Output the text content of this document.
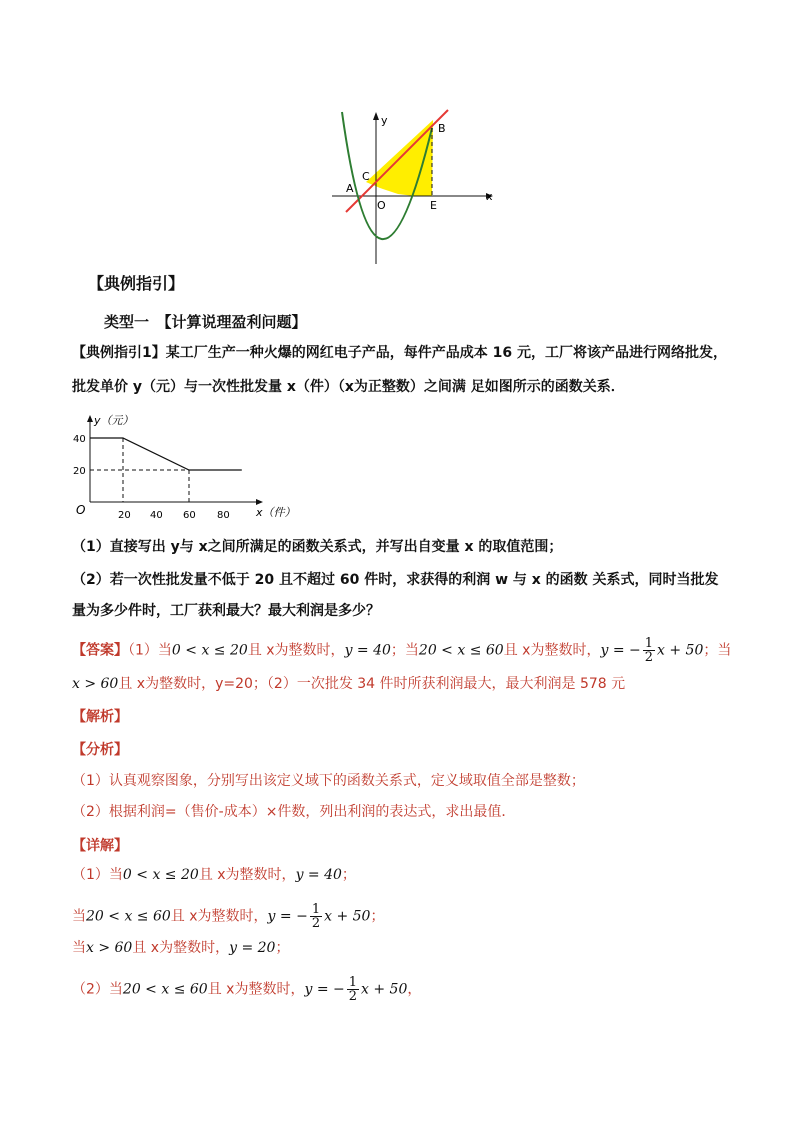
y
x
A
B
C
O	E
【典例指引】
类型一　【计算说理盈利问题】
【典例指引1】某工厂生产一种火爆的网红电子产品，每件产品成本 16 元，工厂将该产品进行网络批发，
批发单价 y（元）与一次性批发量 x（件）（x为正整数）之间满 足如图所示的函数关系．
y（元）
x（件）
O
40
20
20 40 60 80
（1）直接写出 y与 x之间所满足的函数关系式，并写出自变量 x 的取值范围；
（2）若一次性批发量不低于 20 且不超过 60 件时，求获得的利润 w 与 x 的函数 关系式，同时当批发
量为多少件时，工厂获利最大？最大利润是多少？
【答案】（1）当0 < x ≤ 20且 x为整数时，y = 40；当20 < x ≤ 60且 x为整数时，y = − $\frac{1}{2}$ x + 50；当
x > 60且 x为整数时，y=20；（2）一次批发 34 件时所获利润最大，最大利润是 578 元
【解析】
【分析】
（1）认真观察图象，分别写出该定义域下的函数关系式，定义域取值全部是整数；
（2）根据利润=（售价-成本）×件数，列出利润的表达式，求出最值．
【详解】
（1）当0 < x ≤ 20且 x为整数时，y = 40；
当20 < x ≤ 60且 x为整数时，y = − $\frac{1}{2}$ x + 50；
当x > 60且 x为整数时，y = 20；
（2）当20 < x ≤ 60且 x为整数时，y = − $\frac{1}{2}$ x + 50，
